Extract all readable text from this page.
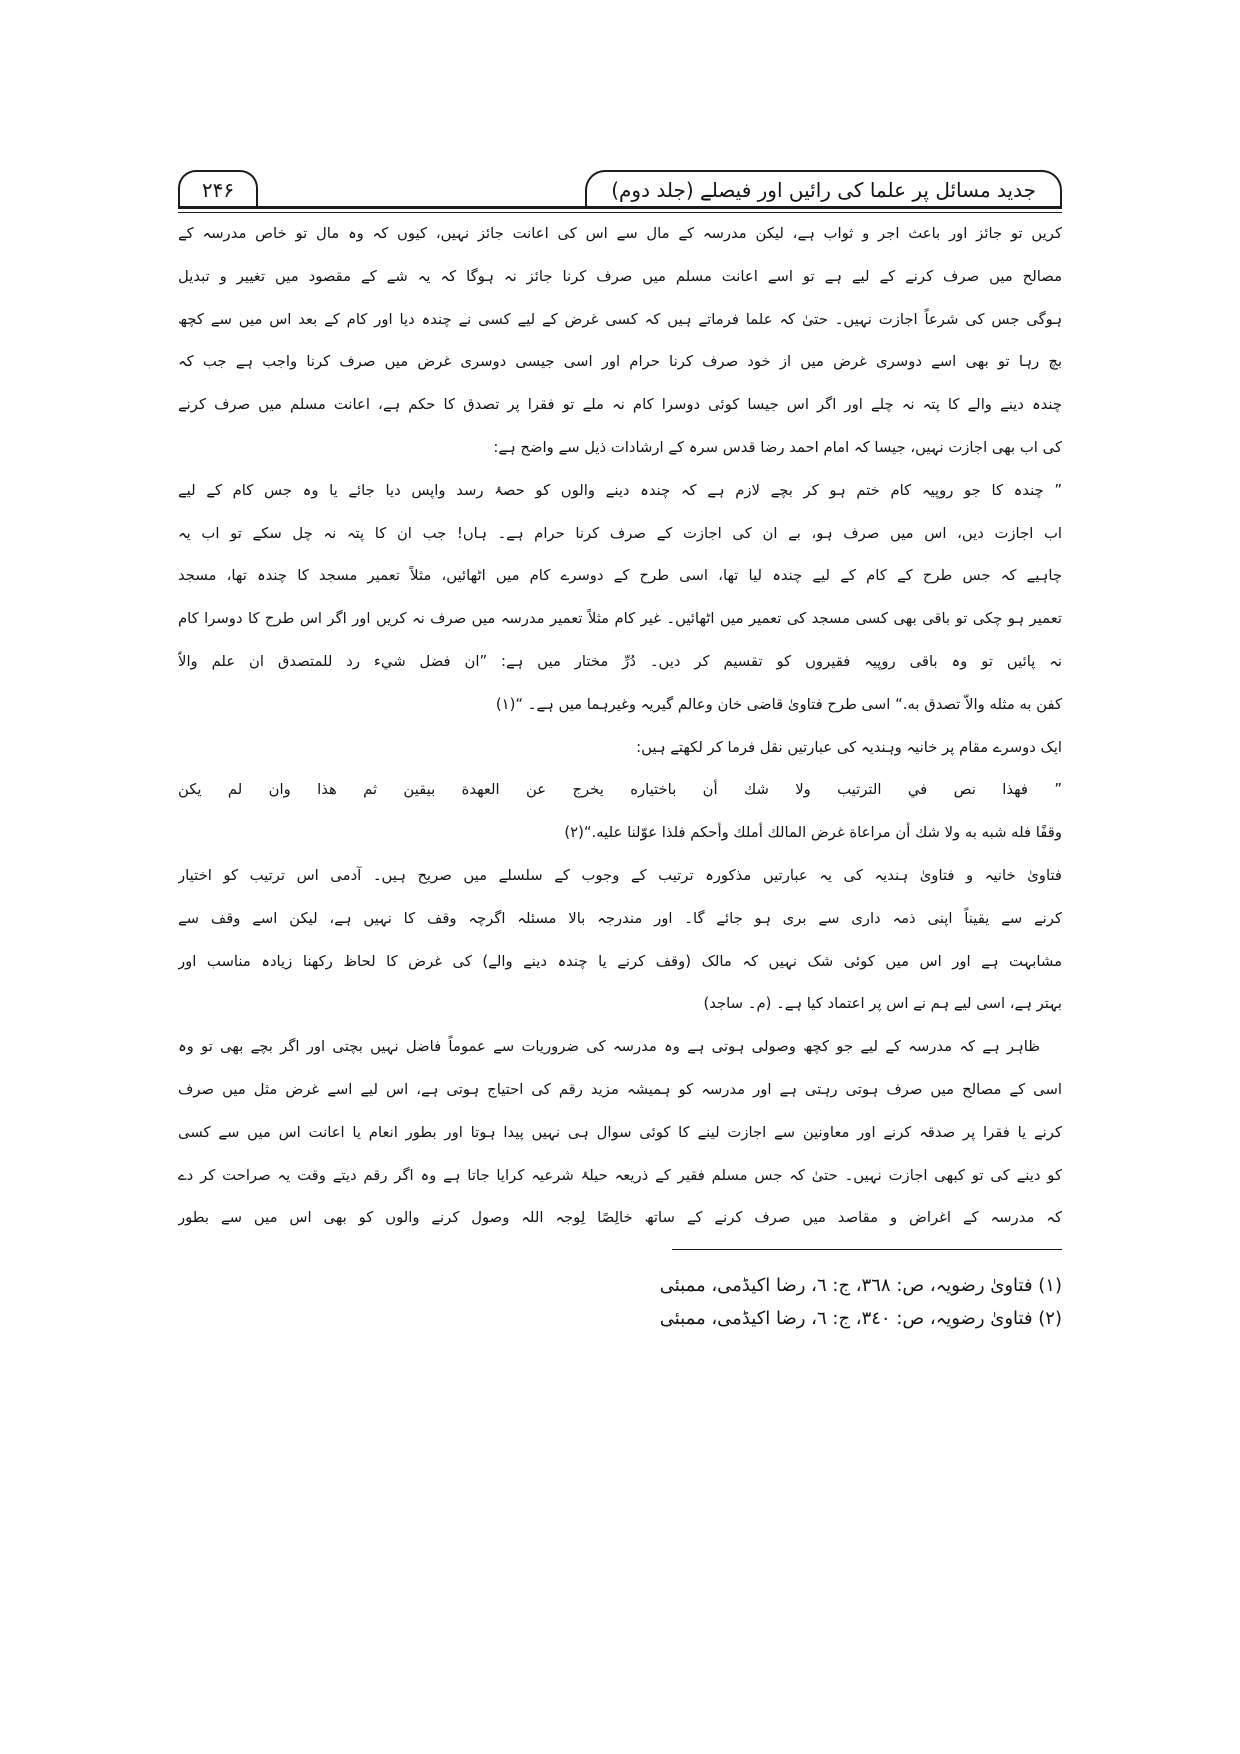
جدید مسائل پر علما کی رائیں اور فیصلے (جلد دوم)
۲۴۶
کریں تو جائز اور باعث اجر و ثواب ہے، لیکن مدرسہ کے مال سے اس کی اعانت جائز نہیں، کیوں کہ وہ مال تو خاص مدرسہ کے
مصالح میں صرف کرنے کے لیے ہے تو اسے اعانت مسلم میں صرف کرنا جائز نہ ہوگا کہ یہ شے کے مقصود میں تغییر و تبدیل
ہوگی جس کی شرعاً اجازت نہیں۔ حتیٰ کہ علما فرماتے ہیں کہ کسی غرض کے لیے کسی نے چندہ دیا اور کام کے بعد اس میں سے کچھ
بچ رہا تو بھی اسے دوسری غرض میں از خود صرف کرنا حرام اور اسی جیسی دوسری غرض میں صرف کرنا واجب ہے جب کہ
چندہ دینے والے کا پتہ نہ چلے اور اگر اس جیسا کوئی دوسرا کام نہ ملے تو فقرا پر تصدق کا حکم ہے، اعانت مسلم میں صرف کرنے
کی اب بھی اجازت نہیں، جیسا کہ امام احمد رضا قدس سرہ کے ارشادات ذیل سے واضح ہے:
” چندہ کا جو روپیہ کام ختم ہو کر بچے لازم ہے کہ چندہ دینے والوں کو حصۂ رسد واپس دیا جائے یا وہ جس کام کے لیے
اب اجازت دیں، اس میں صرف ہو، بے ان کی اجازت کے صرف کرنا حرام ہے۔ ہاں! جب ان کا پتہ نہ چل سکے تو اب یہ
چاہیے کہ جس طرح کے کام کے لیے چندہ لیا تھا، اسی طرح کے دوسرے کام میں اٹھائیں، مثلاً تعمیر مسجد کا چندہ تھا، مسجد
تعمیر ہو چکی تو باقی بھی کسی مسجد کی تعمیر میں اٹھائیں۔ غیر کام مثلاً تعمیر مدرسہ میں صرف نہ کریں اور اگر اس طرح کا دوسرا کام
نہ پائیں تو وہ باقی روپیہ فقیروں کو تقسیم کر دیں۔ دُرِّ مختار میں ہے: ”ان فضل شيء رد للمتصدق ان علم والاّ
کفن به مثله والاّ تصدق به.“ اسی طرح فتاویٰ قاضی خان وعالم گیریہ وغیرہما میں ہے۔ “(۱)
ایک دوسرے مقام پر خانیہ وہندیہ کی عبارتیں نقل فرما کر لکھتے ہیں:
” فهذا نص في الترتيب ولا شك أن باختياره يخرج عن العهدة بيقين ثم هذا وان لم يكن
وقفًا فله شبه به ولا شك أن مراعاة غرض المالك أملك وأحكم فلذا عوّلنا عليه.“(۲)
فتاویٰ خانیہ و فتاویٰ ہندیہ کی یہ عبارتیں مذکورہ ترتیب کے وجوب کے سلسلے میں صریح ہیں۔ آدمی اس ترتیب کو اختیار
کرنے سے یقیناً اپنی ذمہ داری سے بری ہو جائے گا۔ اور مندرجہ بالا مسئلہ اگرچہ وقف کا نہیں ہے، لیکن اسے وقف سے
مشابہت ہے اور اس میں کوئی شک نہیں کہ مالک (وقف کرنے یا چندہ دینے والے) کی غرض کا لحاظ رکھنا زیادہ مناسب اور
بہتر ہے، اسی لیے ہم نے اس پر اعتماد کیا ہے۔ (م۔ ساجد)
ظاہر ہے کہ مدرسہ کے لیے جو کچھ وصولی ہوتی ہے وہ مدرسہ کی ضروریات سے عموماً فاضل نہیں بچتی اور اگر بچے بھی تو وہ
اسی کے مصالح میں صرف ہوتی رہتی ہے اور مدرسہ کو ہمیشہ مزید رقم کی احتیاج ہوتی ہے، اس لیے اسے غرض مثل میں صرف
کرنے یا فقرا پر صدقہ کرنے اور معاونین سے اجازت لینے کا کوئی سوال ہی نہیں پیدا ہوتا اور بطور انعام یا اعانت اس میں سے کسی
کو دینے کی تو کبھی اجازت نہیں۔ حتیٰ کہ جس مسلم فقیر کے ذریعہ حیلۂ شرعیہ کرایا جاتا ہے وہ اگر رقم دیتے وقت یہ صراحت کر دے
کہ مدرسہ کے اغراض و مقاصد میں صرف کرنے کے ساتھ خالِصًا لِوجہ اللہ وصول کرنے والوں کو بھی اس میں سے بطور
(۱) فتاویٰ رضویہ، ص: ٣٦٨، ج: ٦، رضا اکیڈمی، ممبئی
(۲) فتاویٰ رضویہ، ص: ٣٤٠، ج: ٦، رضا اکیڈمی، ممبئی
